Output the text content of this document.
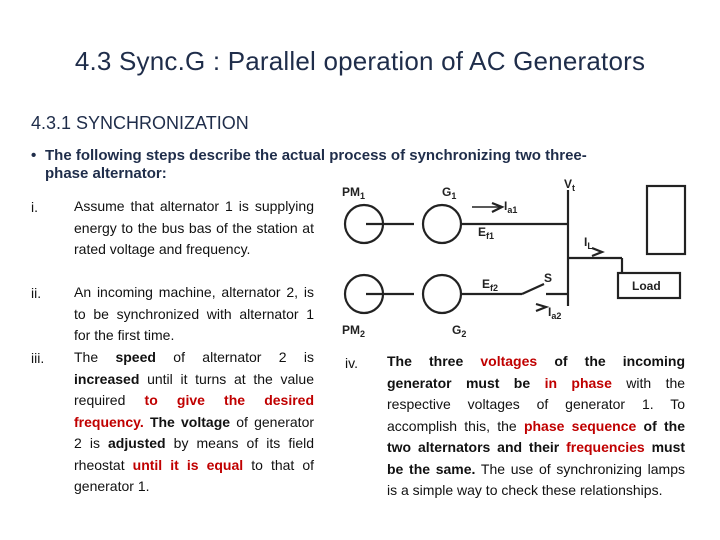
4.3 Sync.G : Parallel operation of AC Generators
4.3.1 SYNCHRONIZATION
• The following steps describe the actual process of synchronizing two three-
phase alternator:
i.	Assume that alternator 1 is supplying energy to the bus bas of the station at rated voltage and frequency.
ii. An incoming machine, alternator 2, is to be synchronized with alternator 1 for the first time.
iii. The speed of alternator 2 is increased until it turns at the value required to give the desired frequency. The voltage of generator 2 is adjusted by means of its field rheostat until it is equal to that of generator 1.
iv. The three voltages of the incoming generator must be in phase with the respective voltages of generator 1. To accomplish this, the phase sequence of the two alternators and their frequencies must be the same. The use of synchronizing lamps is a simple way to check these relationships.
$PM_1$	$G_1$
$V_t$
$I_{a1}$
$E_{f1}$	$I_L$
$E_{f2}$
S
Load
$I_{a2}$
$PM_2$	$G_2$
